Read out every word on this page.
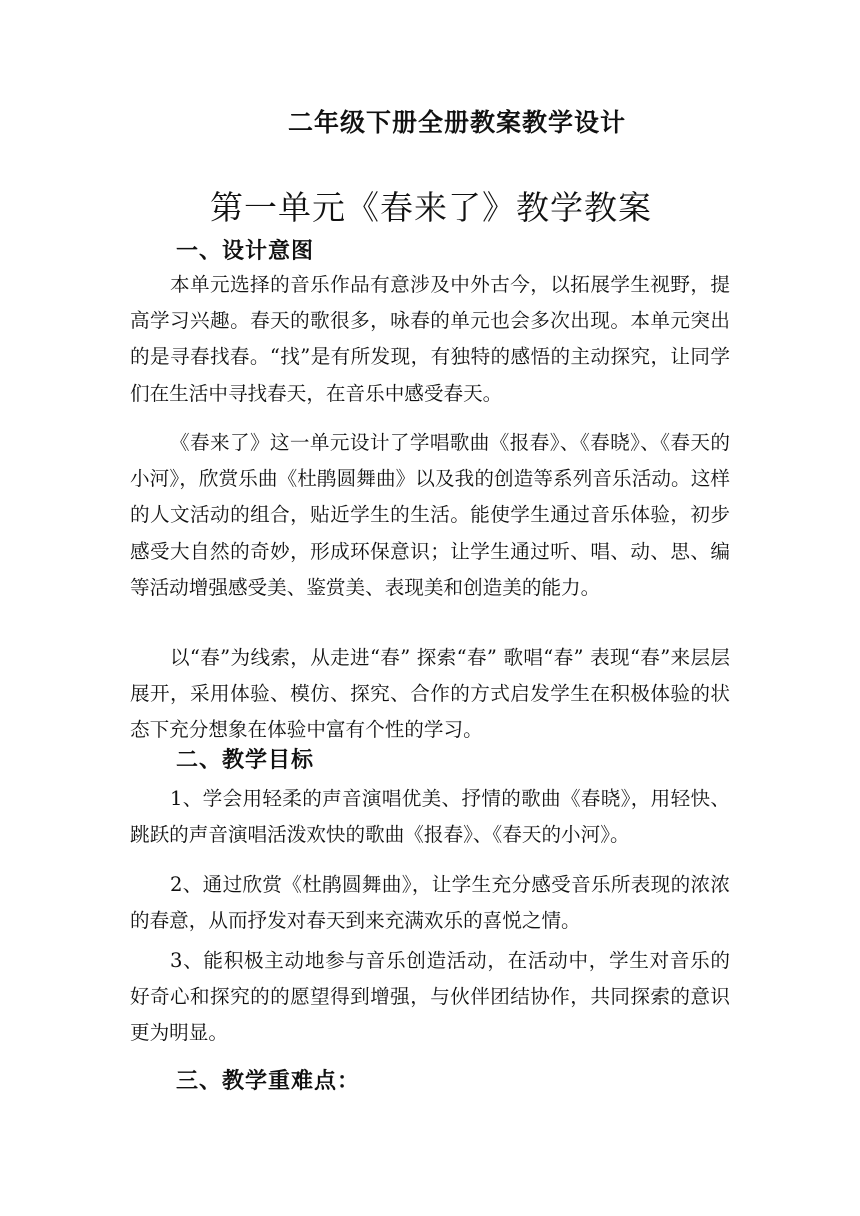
二年级下册全册教案教学设计
第一单元《春来了》教学教案
一、设计意图
本单元选择的音乐作品有意涉及中外古今，以拓展学生视野，提高学习兴趣。春天的歌很多，咏春的单元也会多次出现。本单元突出的是寻春找春。“找”是有所发现，有独特的感悟的主动探究，让同学们在生活中寻找春天，在音乐中感受春天。
《春来了》这一单元设计了学唱歌曲《报春》、《春晓》、《春天的小河》，欣赏乐曲《杜鹃圆舞曲》以及我的创造等系列音乐活动。这样的人文活动的组合，贴近学生的生活。能使学生通过音乐体验，初步感受大自然的奇妙，形成环保意识；让学生通过听、唱、动、思、编等活动增强感受美、鉴赏美、表现美和创造美的能力。
以“春”为线索，从走进“春” 探索“春” 歌唱“春” 表现“春”来层层展开，采用体验、模仿、探究、合作的方式启发学生在积极体验的状态下充分想象在体验中富有个性的学习。
二、教学目标
1、学会用轻柔的声音演唱优美、抒情的歌曲《春晓》，用轻快、跳跃的声音演唱活泼欢快的歌曲《报春》、《春天的小河》。
2、通过欣赏《杜鹃圆舞曲》，让学生充分感受音乐所表现的浓浓的春意，从而抒发对春天到来充满欢乐的喜悦之情。
3、能积极主动地参与音乐创造活动，在活动中，学生对音乐的好奇心和探究的的愿望得到增强，与伙伴团结协作，共同探索的意识更为明显。
三、教学重难点：
